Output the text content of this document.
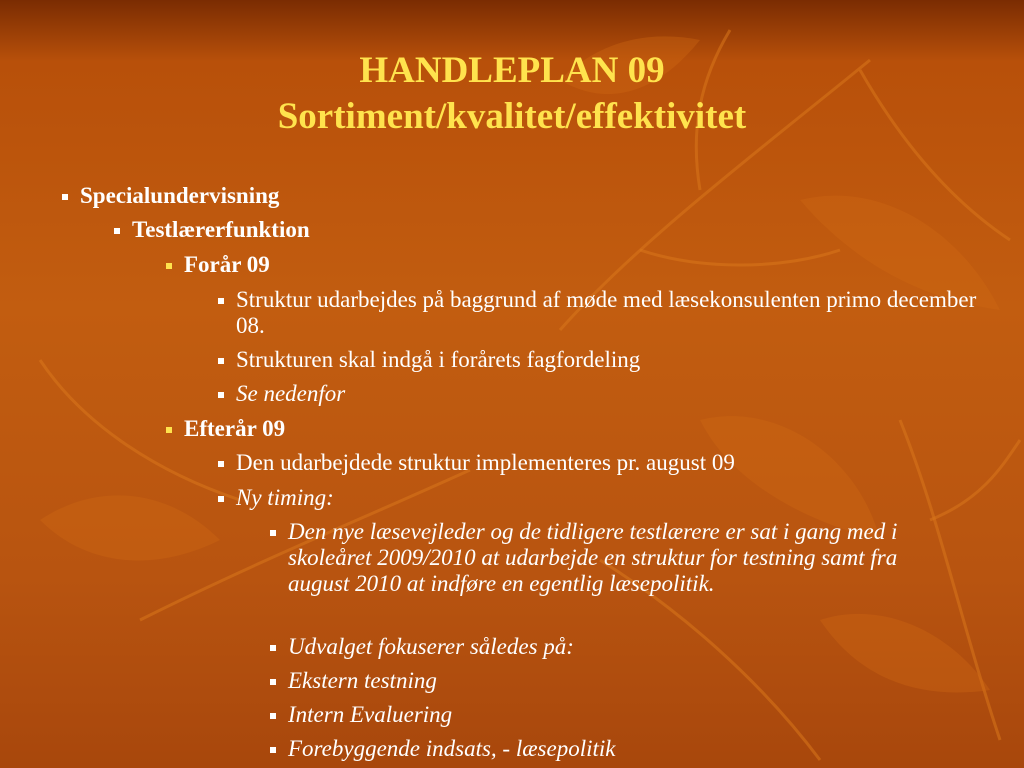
HANDLEPLAN 09
Sortiment/kvalitet/effektivitet
Specialundervisning
Testlærerfunktion
Forår 09
Struktur udarbejdes på baggrund af møde med læsekonsulenten primo december 08.
Strukturen skal indgå i forårets fagfordeling
Se nedenfor
Efterår 09
Den udarbejdede struktur implementeres pr. august 09
Ny timing:
Den nye læsevejleder og de tidligere testlærere er sat i gang med i skoleåret 2009/2010 at udarbejde en struktur for testning samt fra august 2010 at indføre en egentlig læsepolitik.
Udvalget fokuserer således på:
Ekstern testning
Intern Evaluering
Forebyggende indsats, - læsepolitik
